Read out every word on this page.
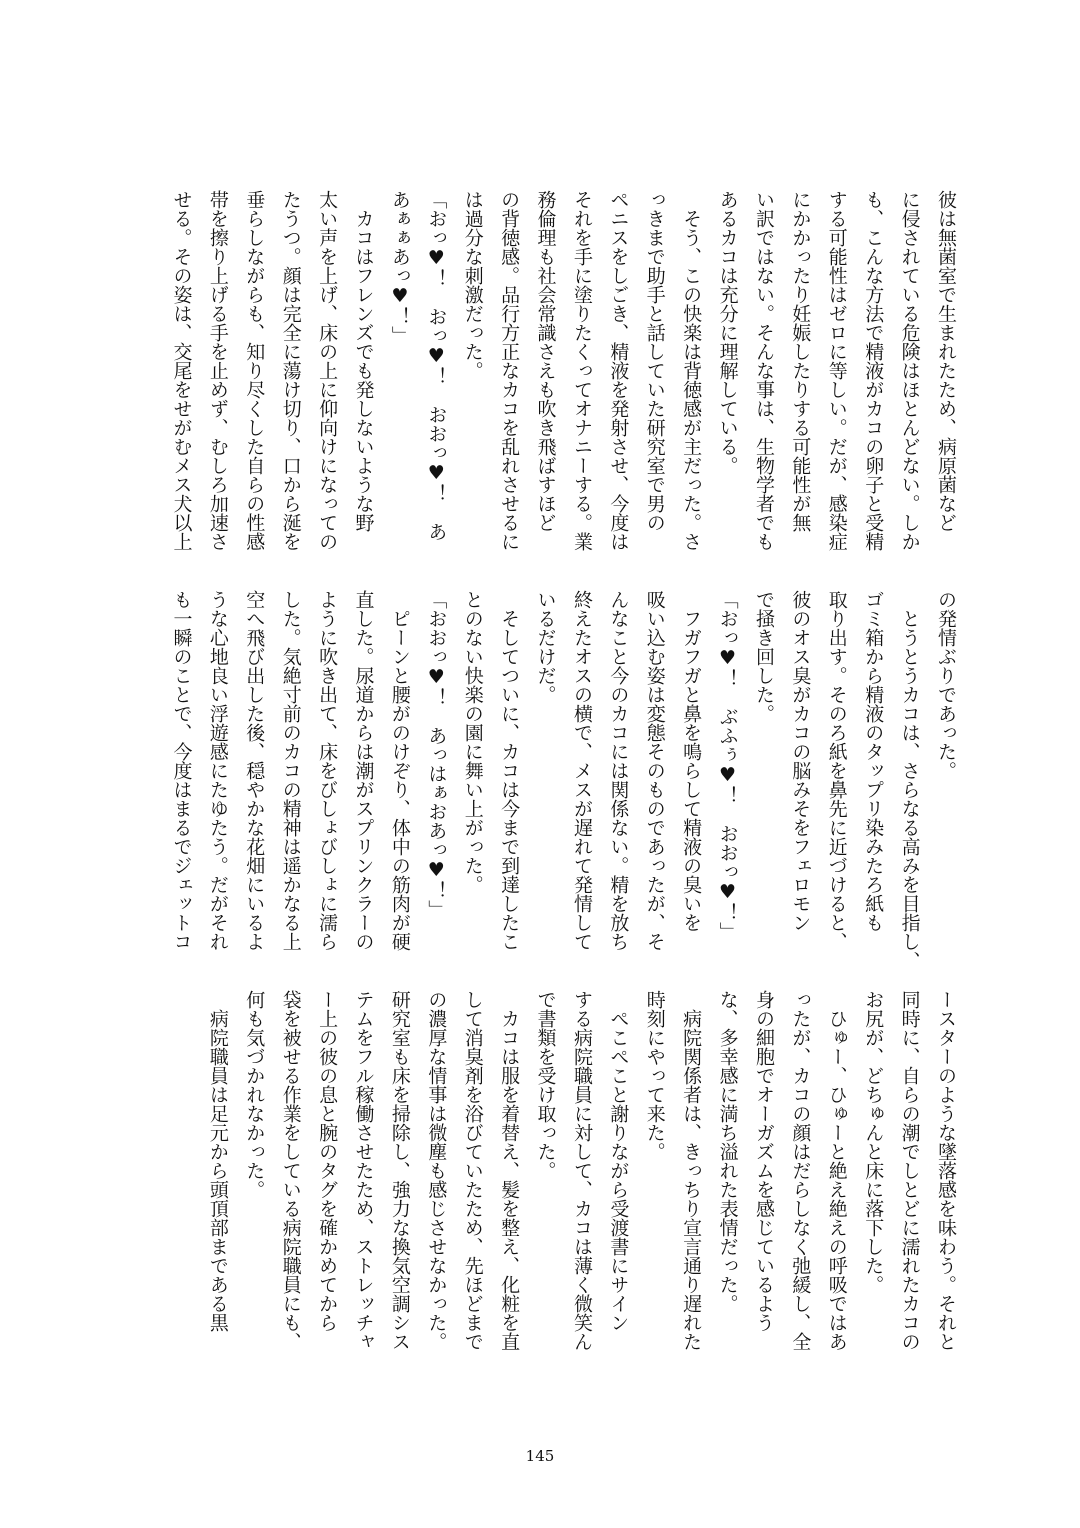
彼は無菌室で生まれたため、病原菌など
に侵されている危険はほとんどない。しか
も、こんな方法で精液がカコの卵子と受精
する可能性はゼロに等しい。だが、感染症
にかかったり妊娠したりする可能性が無
い訳ではない。そんな事は、生物学者でも
あるカコは充分に理解している。
　そう、この快楽は背徳感が主だった。さ
っきまで助手と話していた研究室で男の
ペニスをしごき、精液を発射させ、今度は
それを手に塗りたくってオナニーする。業
務倫理も社会常識さえも吹き飛ばすほど
の背徳感。品行方正なカコを乱れさせるに
は過分な刺激だった。
「おっ♥！　おっ♥！　おおっ♥！　あ
あぁぁあっ♥！」
　カコはフレンズでも発しないような野
太い声を上げ、床の上に仰向けになっての
たうつ。顔は完全に蕩け切り、口から涎を
垂らしながらも、知り尽くした自らの性感
帯を擦り上げる手を止めず、むしろ加速さ
せる。その姿は、交尾をせがむメス犬以上
の発情ぶりであった。
　とうとうカコは、さらなる高みを目指し、
ゴミ箱から精液のタップリ染みたろ紙も
取り出す。そのろ紙を鼻先に近づけると、
彼のオス臭がカコの脳みそをフェロモン
で掻き回した。
「おっ♥！　ぶふぅ♥！　おおっ♥！」
　フガフガと鼻を鳴らして精液の臭いを
吸い込む姿は変態そのものであったが、そ
んなこと今のカコには関係ない。精を放ち
終えたオスの横で、メスが遅れて発情して
いるだけだ。
　そしてついに、カコは今まで到達したこ
とのない快楽の園に舞い上がった。
「おおっ♥！　あっはぁおあっ♥！」
　ピーンと腰がのけぞり、体中の筋肉が硬
直した。尿道からは潮がスプリンクラーの
ように吹き出て、床をびしょびしょに濡ら
した。気絶寸前のカコの精神は遥かなる上
空へ飛び出した後、穏やかな花畑にいるよ
うな心地良い浮遊感にたゆたう。だがそれ
も一瞬のことで、今度はまるでジェットコ
ースターのような墜落感を味わう。それと
同時に、自らの潮でしとどに濡れたカコの
お尻が、どちゅんと床に落下した。
　ひゅー、ひゅーと絶え絶えの呼吸ではあ
ったが、カコの顔はだらしなく弛緩し、全
身の細胞でオーガズムを感じているよう
な、多幸感に満ち溢れた表情だった。
　病院関係者は、きっちり宣言通り遅れた
時刻にやって来た。
　ぺこぺこと謝りながら受渡書にサイン
する病院職員に対して、カコは薄く微笑ん
で書類を受け取った。
　カコは服を着替え、髪を整え、化粧を直
して消臭剤を浴びていたため、先ほどまで
の濃厚な情事は微塵も感じさせなかった。
研究室も床を掃除し、強力な換気空調シス
テムをフル稼働させたため、ストレッチャ
ー上の彼の息と腕のタグを確かめてから
袋を被せる作業をしている病院職員にも、
何も気づかれなかった。
　病院職員は足元から頭頂部まである黒
145
